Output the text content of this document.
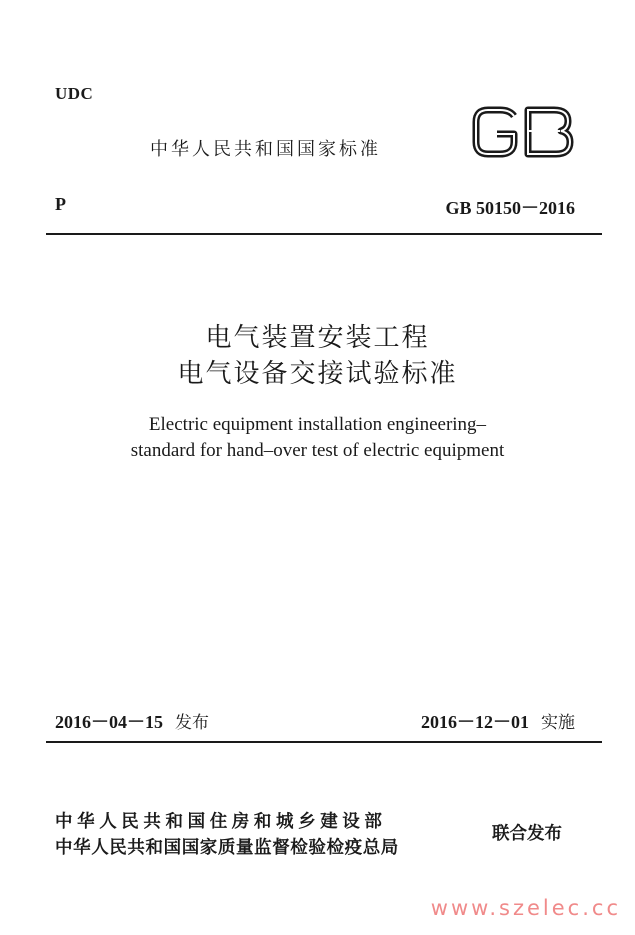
UDC
中华人民共和国国家标准
P	GB 50150－2016
电气装置安装工程
电气设备交接试验标准
Electric equipment installation engineering–
standard for hand–over test of electric equipment
2016－04－15 发布	2016－12－01 实施
中华人民共和国住房和城乡建设部
中华人民共和国国家质量监督检验检疫总局
联合发布
www.szelec.cc
